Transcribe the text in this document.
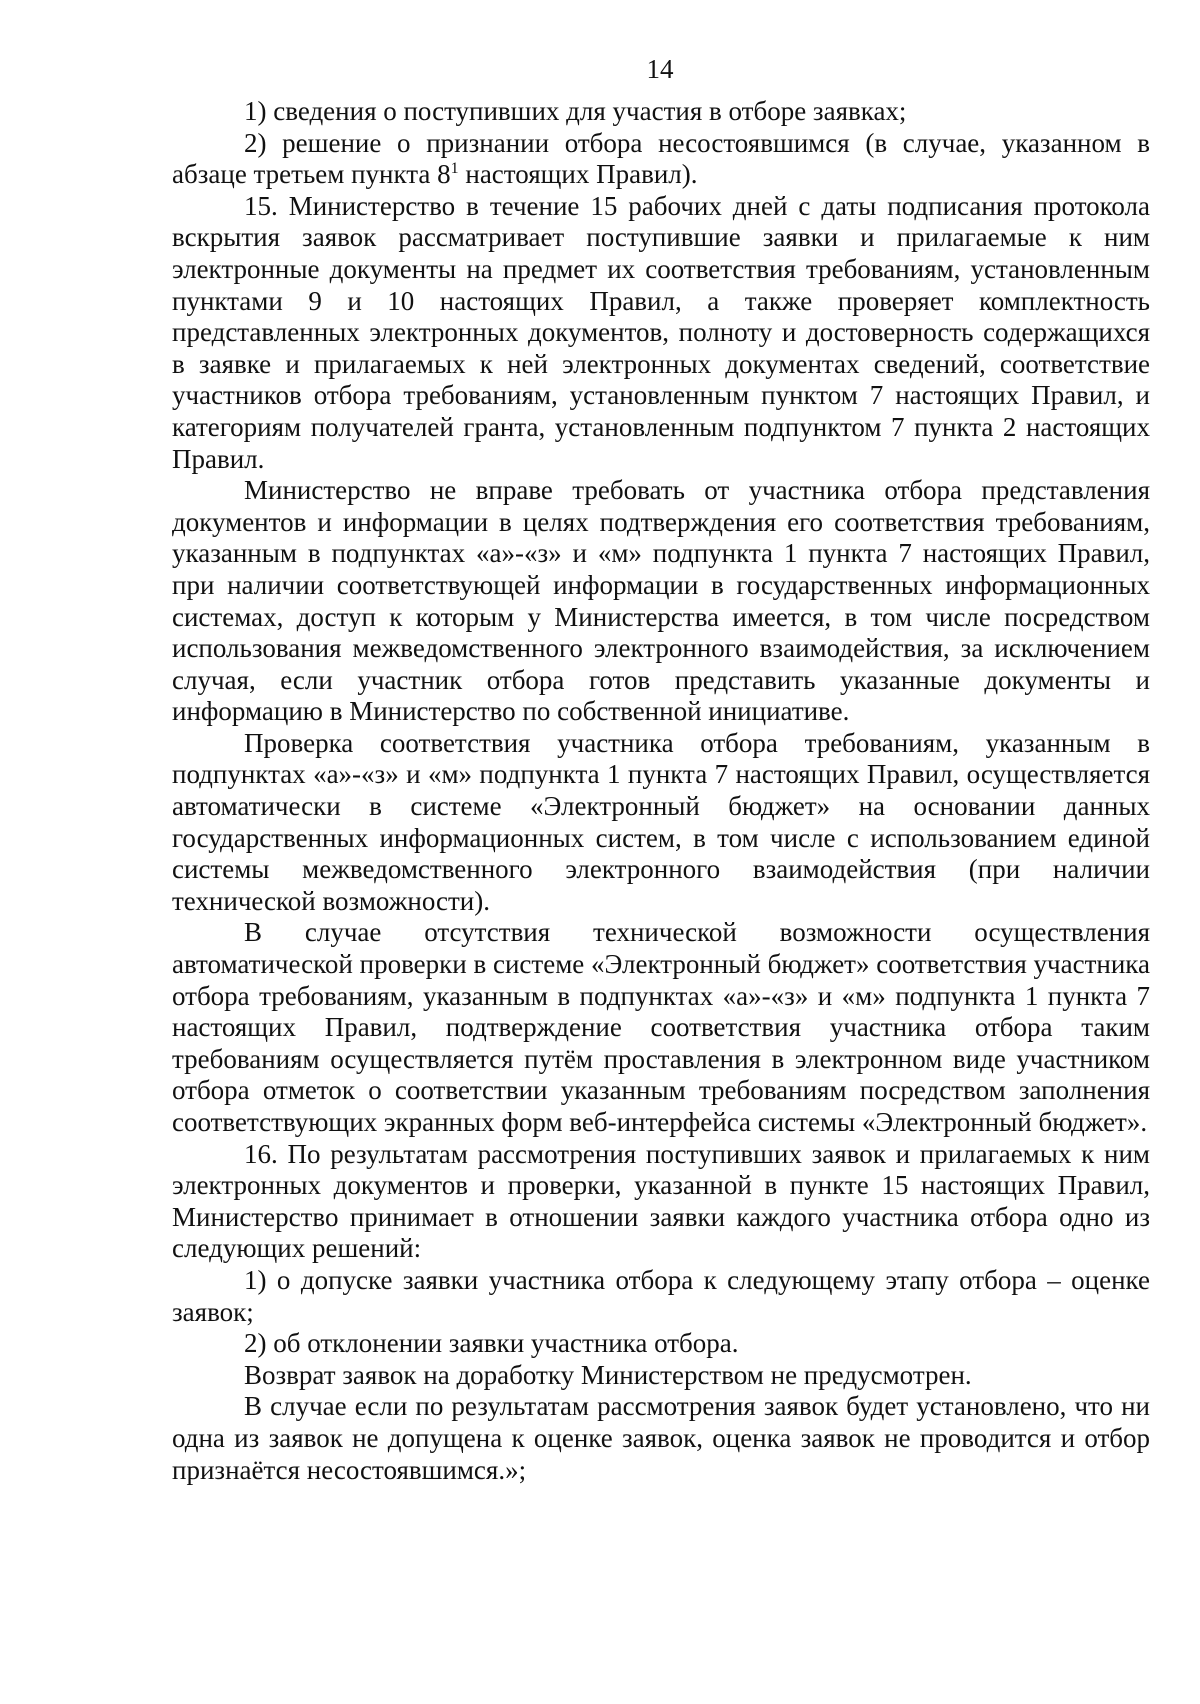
14

1) сведения о поступивших для участия в отборе заявках;

2) решение о признании отбора несостоявшимся (в случае, указанном в абзаце третьем пункта $8^1$ настоящих Правил).

15. Министерство в течение 15 рабочих дней с даты подписания протокола вскрытия заявок рассматривает поступившие заявки и прилагаемые к ним электронные документы на предмет их соответствия требованиям, установленным пунктами 9 и 10 настоящих Правил, а также проверяет комплектность представленных электронных документов, полноту и достоверность содержащихся в заявке и прилагаемых к ней электронных документах сведений, соответствие участников отбора требованиям, установленным пунктом 7 настоящих Правил, и категориям получателей гранта, установленным подпунктом 7 пункта 2 настоящих Правил.

Министерство не вправе требовать от участника отбора представления документов и информации в целях подтверждения его соответствия требованиям, указанным в подпунктах «а»-«з» и «м» подпункта 1 пункта 7 настоящих Правил, при наличии соответствующей информации в государственных информационных системах, доступ к которым у Министерства имеется, в том числе посредством использования межведомственного электронного взаимодействия, за исключением случая, если участник отбора готов представить указанные документы и информацию в Министерство по собственной инициативе.

Проверка соответствия участника отбора требованиям, указанным в подпунктах «а»-«з» и «м» подпункта 1 пункта 7 настоящих Правил, осуществляется автоматически в системе «Электронный бюджет» на основании данных государственных информационных систем, в том числе с использованием единой системы межведомственного электронного взаимодействия (при наличии технической возможности).

В случае отсутствия технической возможности осуществления автоматической проверки в системе «Электронный бюджет» соответствия участника отбора требованиям, указанным в подпунктах «а»-«з» и «м» подпункта 1 пункта 7 настоящих Правил, подтверждение соответствия участника отбора таким требованиям осуществляется путём проставления в электронном виде участником отбора отметок о соответствии указанным требованиям посредством заполнения соответствующих экранных форм веб-интерфейса системы «Электронный бюджет».

16. По результатам рассмотрения поступивших заявок и прилагаемых к ним электронных документов и проверки, указанной в пункте 15 настоящих Правил, Министерство принимает в отношении заявки каждого участника отбора одно из следующих решений:

1) о допуске заявки участника отбора к следующему этапу отбора – оценке заявок;

2) об отклонении заявки участника отбора.

Возврат заявок на доработку Министерством не предусмотрен.

В случае если по результатам рассмотрения заявок будет установлено, что ни одна из заявок не допущена к оценке заявок, оценка заявок не проводится и отбор признаётся несостоявшимся.»;
